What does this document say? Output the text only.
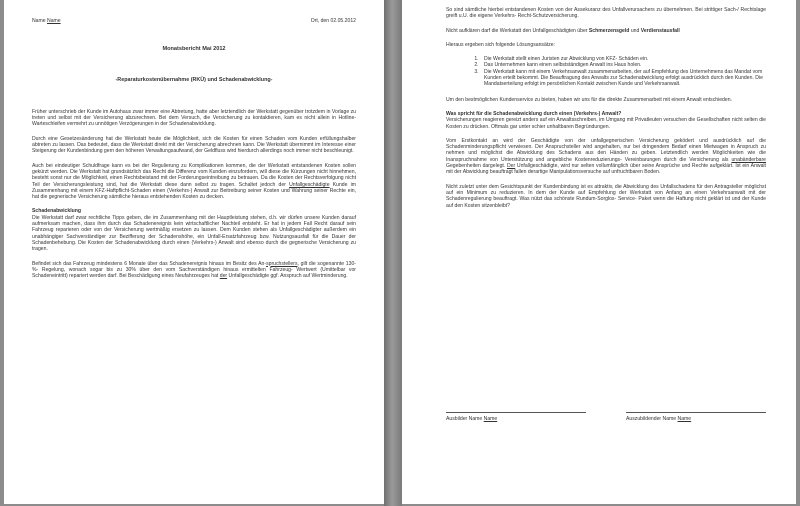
Name Name	Ort, den 02.05.2012
Monatsbericht Mai 2012
-Reparaturkostenübernahme (RKÜ) und Schadenabwicklung-

Früher unterschrieb der Kunde im Autohaus zwar immer eine Abtretung, hatte aber letztendlich der Werkstatt gegenüber trotzdem in Vorlage zu treten und selbst mit der Versicherung abzurechnen. Bei dem Versuch, die Versicherung zu kontaktieren, kam es nicht allein in Hotline- Warteschleifen vermehrt zu unnötigen Verzögerungen in der Schadenabwicklung.

Durch eine Gesetzesänderung hat die Werkstatt heute die Möglichkeit, sich die Kosten für einen Schaden vom Kunden erfüllungshalber abtreten zu lassen. Das bedeutet, dass die Werkstatt direkt mit der Versicherung abrechnen kann. Die Werkstatt übernimmt im Interesse einer Steigerung der Kundenbindung gern den höheren Verwaltungsaufwand, der Geldfluss wird hierdurch allerdings noch immer nicht beschleunigt.

Auch bei eindeutiger Schuldfrage kann es bei der Regulierung zu Komplikationen kommen, die der Werkstatt entstandenen Kosten sollen gekürzt werden. Die Werkstatt hat grundsätzlich das Recht die Differenz vom Kunden einzufordern, will diese die Kürzungen nicht hinnehmen, besteht sonst nur die Möglichkeit, einen Rechtsbeistand mit der Forderungseintreibung zu betrauen. Da die Kosten der Rechtsverfolgung nicht Teil der Versicherungsleistung sind, hat die Werkstatt diese dann selbst zu tragen. Schaltet jedoch der Unfallgeschädigte Kunde im Zusammenhang mit einem KFZ-Haftpflicht-Schaden einen (Verkehrs-) Anwalt zur Beitreibung seiner Kosten und Wahrung seiner Rechte ein, hat die gegnerische Versicherung sämtliche hieraus entstehenden Kosten zu decken.

Schadenabwicklung

Die Werkstatt darf zwar rechtliche Tipps geben, die im Zusammenhang mit der Hauptleistung stehen, d.h. wir dürfen unsere Kunden darauf aufmerksam machen, dass ihm durch das Schadenereignis kein wirtschaftlicher Nachteil entsteht. Er hat in jedem Fall Recht darauf sein Fahrzeug reparieren oder von der Versicherung wertmäßig ersetzen zu lassen. Dem Kunden stehen als Unfallgeschädigter außerdem ein unabhängiger Sachverständiger zur Bezifferung der Schadenshöhe, ein Unfall-Ersatzfahrzeug bzw. Nutzungsausfall für die Dauer der Schadenbehebung. Die Kosten der Schadenabwicklung durch einen (Verkehrs-) Anwalt sind ebenso durch die gegnerische Versicherung zu tragen.

Befindet sich das Fahrzeug mindestens 6 Monate über das Schadenereignis hinaus im Besitz des An-spruchstellers, gilt die sogenannte 130-%- Regelung, wonach sogar bis zu 30% über den vom Sachverständigen hinaus ermittelten Fahrzeug- Wertwert (Umittelbar vor Schadeneintritt) repariert werden darf. Bei Beschädigung eines Neufahrzeuges hat der Unfallgeschädigte ggf. Anspruch auf Wertminderung.

So sind sämtliche hierbei entstandenen Kosten von der Assekuranz des Unfallverursachers zu übernehmen. Bei strittiger Sach-/ Rechtslage greift u.U. die eigene Verkehrs- Recht-Schutzversicherung.

Nicht aufklären darf die Werkstatt den Unfallgeschädigten über Schmerzensgeld und Verdienstausfall

Hieraus ergeben sich folgende Lösungsansätze:

1. Die Werkstatt stellt einen Juristen zur Abwicklung von KFZ- Schäden ein.
2. Das Unternehmen kann einen selbstständigen Anwalt ins Haus holen.
3. Die Werkstatt kann mit einem Verkehrsanwalt zusammenarbeiten, der auf Empfehlung des Unternehmens das Mandat vom Kunden erteilt bekommt. Die Beauftragung des Anwalts zur Schadenabwicklung erfolgt ausdrücklich durch den Kunden. Die Mandatserteilung erfolgt im persönlichen Kontakt zwischen Kunde und Verkehrsanwalt.

Um den bestmöglichen Kundenservice zu bieten, haben wir uns für die direkte Zusammenarbeit mit einem Anwalt entschieden.

Was spricht für die Schadenabwicklung durch einen (Verkehrs-) Anwalt?

Versicherungen reagieren gereizt anders auf ein Anwaltsschreiben, im Umgang mit Privatleuten versuchen die Gesellschaften nicht selten die Kosten zu drücken. Oftmals gar unter schier unhaltbaren Begründungen.

Vom Erstkontakt an wird der Geschädigte von der unfallgegnerischen Versicherung geködert und ausdrücklich auf die Schadenminderungspflicht verwiesen. Der Anspruchsteller wird angehalten, nur bei dringendem Bedarf einen Mietwagen in Anspruch zu nehmen und möglichst die Abwicklung des Schadens aus den Händen zu geben. Letztendlich werden Möglichkeiten wie die Inanspruchnahme von Unterstützung und angebliche Kostenreduzierungs- Vereinbarungen durch die Versicherung als unabänderbare Gegebenheiten dargelegt. Der Unfallgeschädigte, wird nur selten vollumfänglich über seine Ansprüche und Rechte aufgeklärt. Ist ein Anwalt mit der Abwicklung beauftragt fallen derartige Manipulationsversuche auf unfruchtbaren Boden.

Nicht zuletzt unter dem Gesichtspunkt der Kundenbindung ist es attraktiv, die Abwicklung des Unfallschadens für den Antragsteller möglichst auf ein Minimum zu reduzieren. In dem der Kunde auf Empfehlung der Werkstatt von Anfang an einen Verkehrsanwalt mit der Schadenregulierung beauftragt. Was nützt das schönste Rundum-Sorglos- Service- Paket wenn die Haftung nicht geklärt ist und der Kunde auf den Kosten sitzenbleibt?

Ausbilder Name Name	Auszubildender Name Name
